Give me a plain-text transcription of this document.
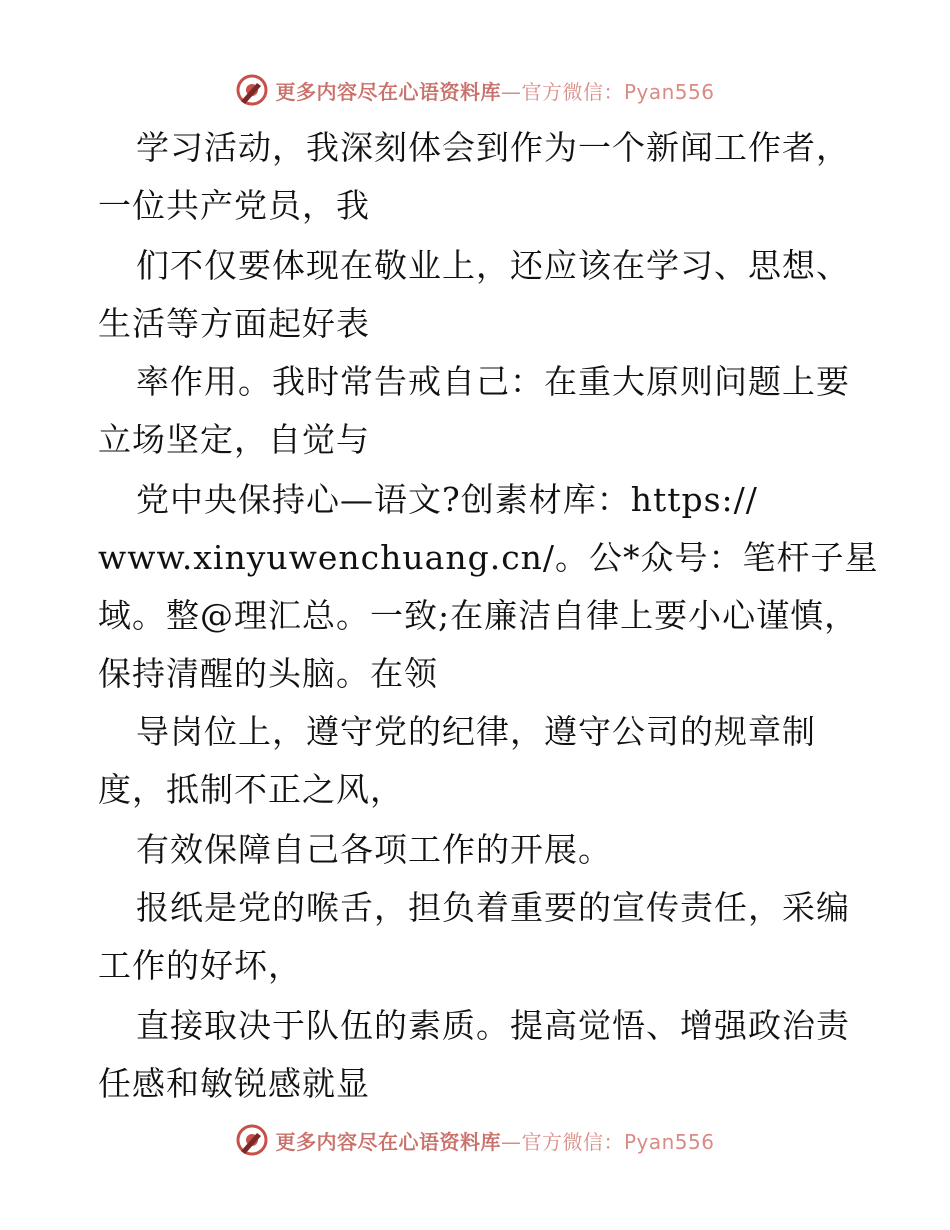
更多内容尽在心语资料库—官方微信：Pyan556
学习活动，我深刻体会到作为一个新闻工作者，
一位共产党员，我
们不仅要体现在敬业上，还应该在学习、思想、
生活等方面起好表
率作用。我时常告戒自己：在重大原则问题上要
立场坚定，自觉与
党中央保持心—语文?创素材库：https://
www.xinyuwenchuang.cn/。公*众号：笔杆子星
域。整@理汇总。一致;在廉洁自律上要小心谨慎，
保持清醒的头脑。在领
导岗位上，遵守党的纪律，遵守公司的规章制
度，抵制不正之风，
有效保障自己各项工作的开展。
报纸是党的喉舌，担负着重要的宣传责任，采编
工作的好坏，
直接取决于队伍的素质。提高觉悟、增强政治责
任感和敏锐感就显
更多内容尽在心语资料库—官方微信：Pyan556
